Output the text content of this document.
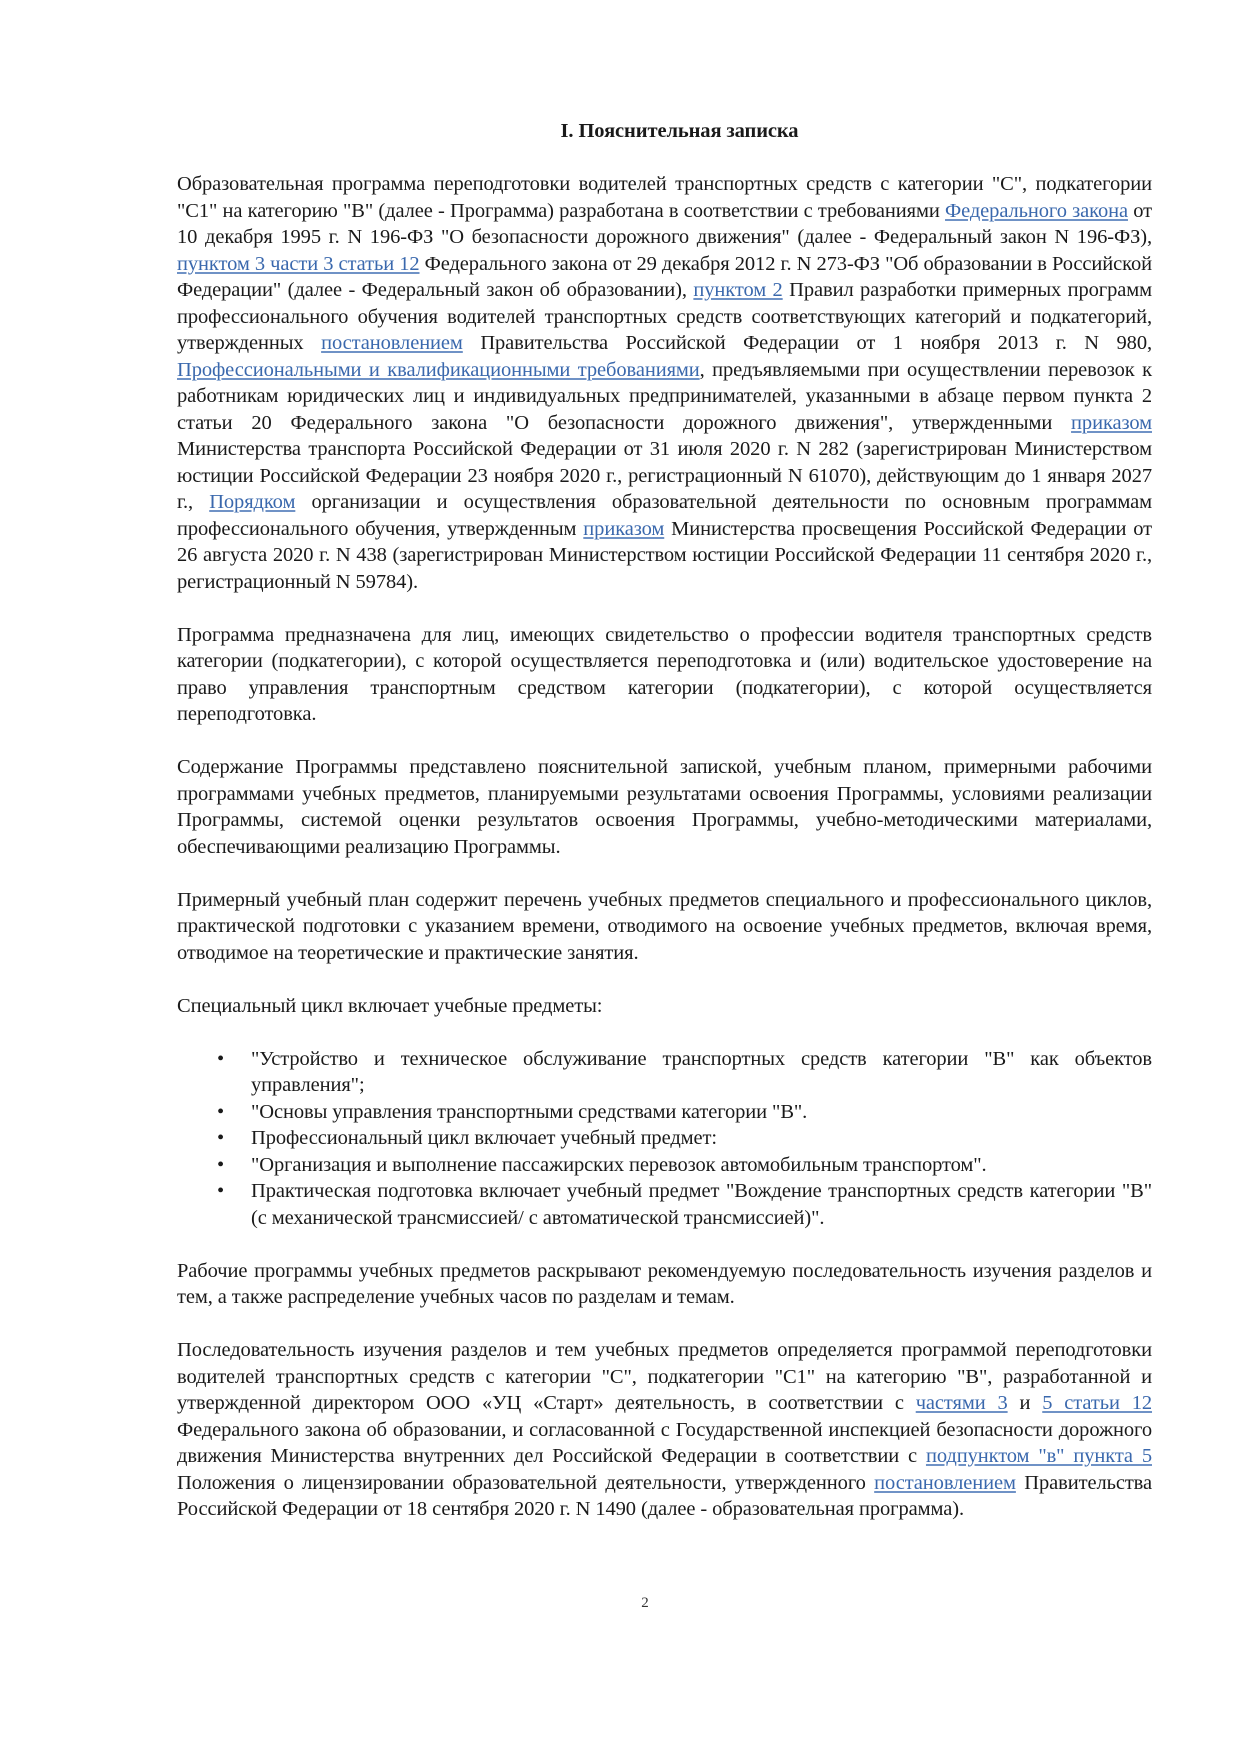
I. Пояснительная записка

Образовательная программа переподготовки водителей транспортных средств с категории "С", подкатегории "С1" на категорию "В" (далее - Программа) разработана в соответствии с требованиями Федерального закона от 10 декабря 1995 г. N 196-ФЗ "О безопасности дорожного движения" (далее - Федеральный закон N 196-ФЗ), пунктом 3 части 3 статьи 12 Федерального закона от 29 декабря 2012 г. N 273-ФЗ "Об образовании в Российской Федерации" (далее - Федеральный закон об образовании), пунктом 2 Правил разработки примерных программ профессионального обучения водителей транспортных средств соответствующих категорий и подкатегорий, утвержденных постановлением Правительства Российской Федерации от 1 ноября 2013 г. N 980, Профессиональными и квалификационными требованиями, предъявляемыми при осуществлении перевозок к работникам юридических лиц и индивидуальных предпринимателей, указанными в абзаце первом пункта 2 статьи 20 Федерального закона "О безопасности дорожного движения", утвержденными приказом Министерства транспорта Российской Федерации от 31 июля 2020 г. N 282 (зарегистрирован Министерством юстиции Российской Федерации 23 ноября 2020 г., регистрационный N 61070), действующим до 1 января 2027 г., Порядком организации и осуществления образовательной деятельности по основным программам профессионального обучения, утвержденным приказом Министерства просвещения Российской Федерации от 26 августа 2020 г. N 438 (зарегистрирован Министерством юстиции Российской Федерации 11 сентября 2020 г., регистрационный N 59784).

Программа предназначена для лиц, имеющих свидетельство о профессии водителя транспортных средств категории (подкатегории), с которой осуществляется переподготовка и (или) водительское удостоверение на право управления транспортным средством категории (подкатегории), с которой осуществляется переподготовка.

Содержание Программы представлено пояснительной запиской, учебным планом, примерными рабочими программами учебных предметов, планируемыми результатами освоения Программы, условиями реализации Программы, системой оценки результатов освоения Программы, учебно-методическими материалами, обеспечивающими реализацию Программы.

Примерный учебный план содержит перечень учебных предметов специального и профессионального циклов, практической подготовки с указанием времени, отводимого на освоение учебных предметов, включая время, отводимое на теоретические и практические занятия.

Специальный цикл включает учебные предметы:

• "Устройство и техническое обслуживание транспортных средств категории "В" как объектов управления";
• "Основы управления транспортными средствами категории "В".
• Профессиональный цикл включает учебный предмет:
• "Организация и выполнение пассажирских перевозок автомобильным транспортом".
• Практическая подготовка включает учебный предмет "Вождение транспортных средств категории "В" (с механической трансмиссией/ с автоматической трансмиссией)".

Рабочие программы учебных предметов раскрывают рекомендуемую последовательность изучения разделов и тем, а также распределение учебных часов по разделам и темам.

Последовательность изучения разделов и тем учебных предметов определяется программой переподготовки водителей транспортных средств с категории "С", подкатегории "С1" на категорию "В", разработанной и утвержденной директором ООО «УЦ «Старт» деятельность, в соответствии с частями 3 и 5 статьи 12 Федерального закона об образовании, и согласованной с Государственной инспекцией безопасности дорожного движения Министерства внутренних дел Российской Федерации в соответствии с подпунктом "в" пункта 5 Положения о лицензировании образовательной деятельности, утвержденного постановлением Правительства Российской Федерации от 18 сентября 2020 г. N 1490 (далее - образовательная программа).

2
